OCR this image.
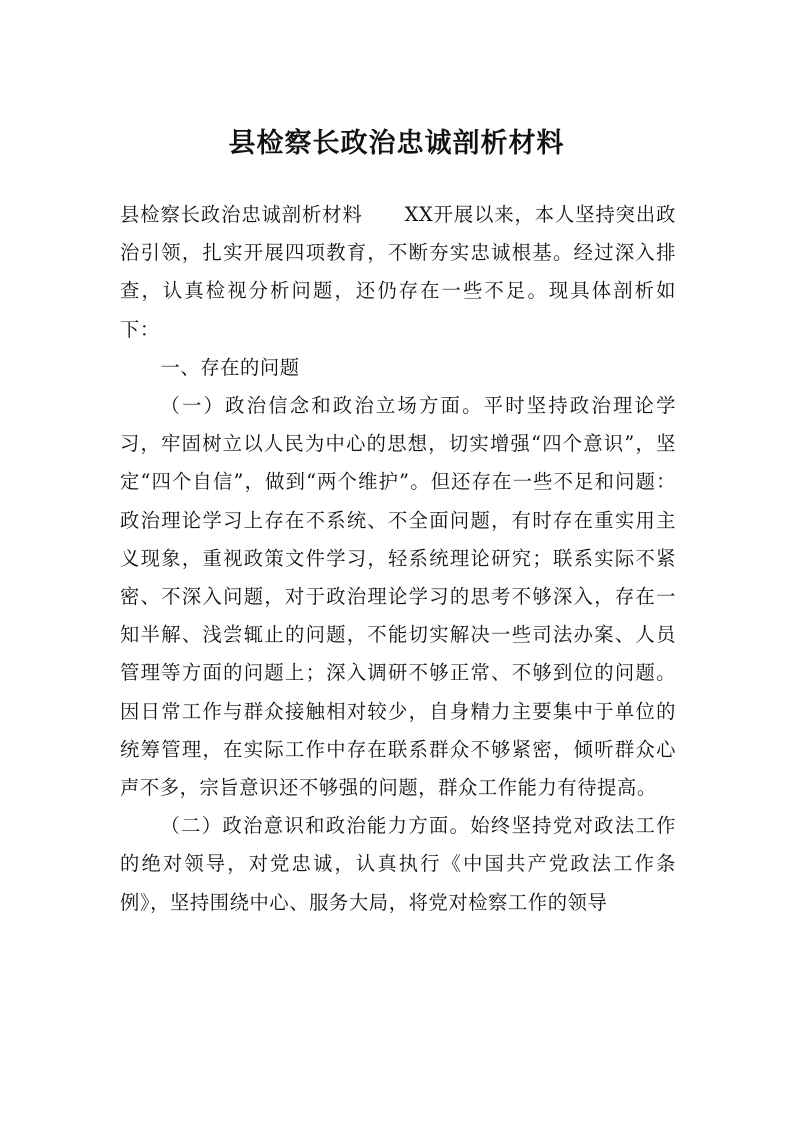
县检察长政治忠诚剖析材料

县检察长政治忠诚剖析材料 XX开展以来，本人坚持突出政治引领，扎实开展四项教育，不断夯实忠诚根基。经过深入排查，认真检视分析问题，还仍存在一些不足。现具体剖析如下：

一、存在的问题

（一）政治信念和政治立场方面。平时坚持政治理论学习，牢固树立以人民为中心的思想，切实增强“四个意识”，坚定“四个自信”，做到“两个维护”。但还存在一些不足和问题：政治理论学习上存在不系统、不全面问题，有时存在重实用主义现象，重视政策文件学习，轻系统理论研究；联系实际不紧密、不深入问题，对于政治理论学习的思考不够深入，存在一知半解、浅尝辄止的问题，不能切实解决一些司法办案、人员管理等方面的问题上；深入调研不够正常、不够到位的问题。因日常工作与群众接触相对较少，自身精力主要集中于单位的统筹管理，在实际工作中存在联系群众不够紧密，倾听群众心声不多，宗旨意识还不够强的问题，群众工作能力有待提高。

（二）政治意识和政治能力方面。始终坚持党对政法工作的绝对领导，对党忠诚，认真执行《中国共产党政法工作条例》，坚持围绕中心、服务大局，将党对检察工作的领导
